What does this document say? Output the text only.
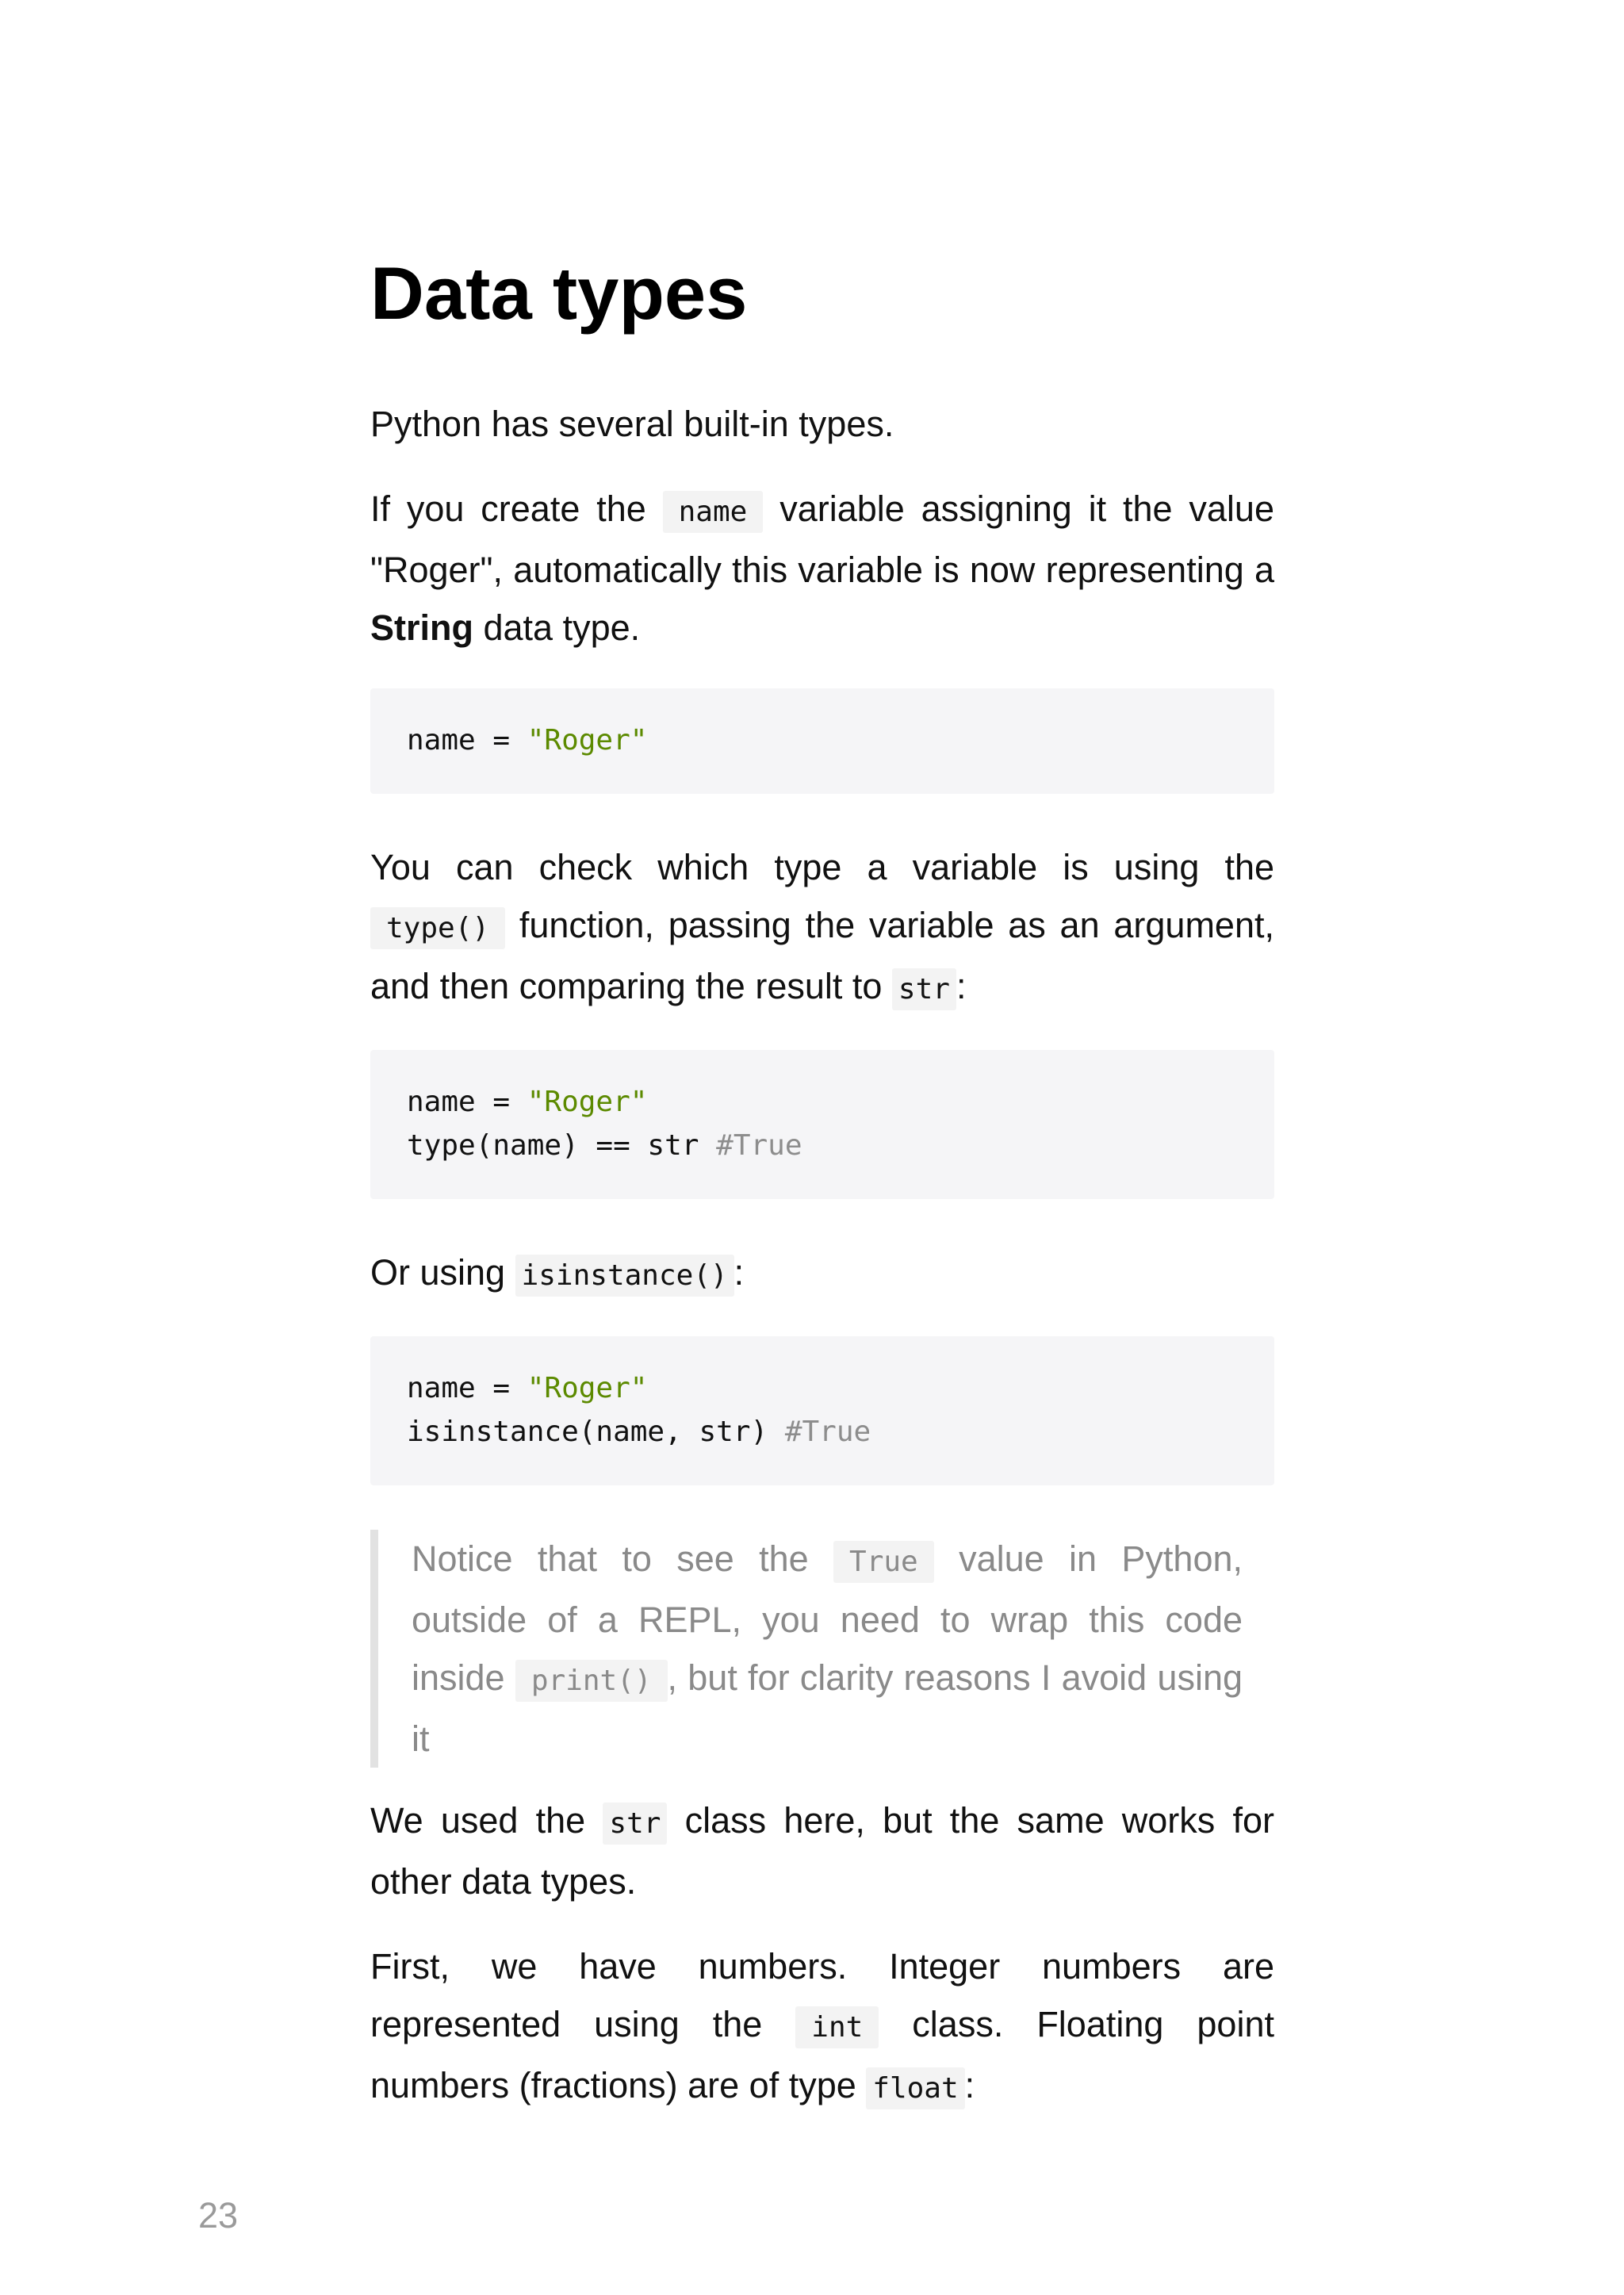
Data types

Python has several built-in types.

If you create the name variable assigning it the value "Roger", automatically this variable is now representing a String data type.

name = "Roger"

You can check which type a variable is using the type() function, passing the variable as an argument, and then comparing the result to str :

name = "Roger"
type(name) == str #True

Or using isinstance() :

name = "Roger"
isinstance(name, str) #True
Notice that to see the True value in Python, outside of a REPL, you need to wrap this code inside print() , but for clarity reasons I avoid using it

We used the str class here, but the same works for other data types.

First, we have numbers. Integer numbers are represented using the int class. Floating point numbers (fractions) are of type float :

23
